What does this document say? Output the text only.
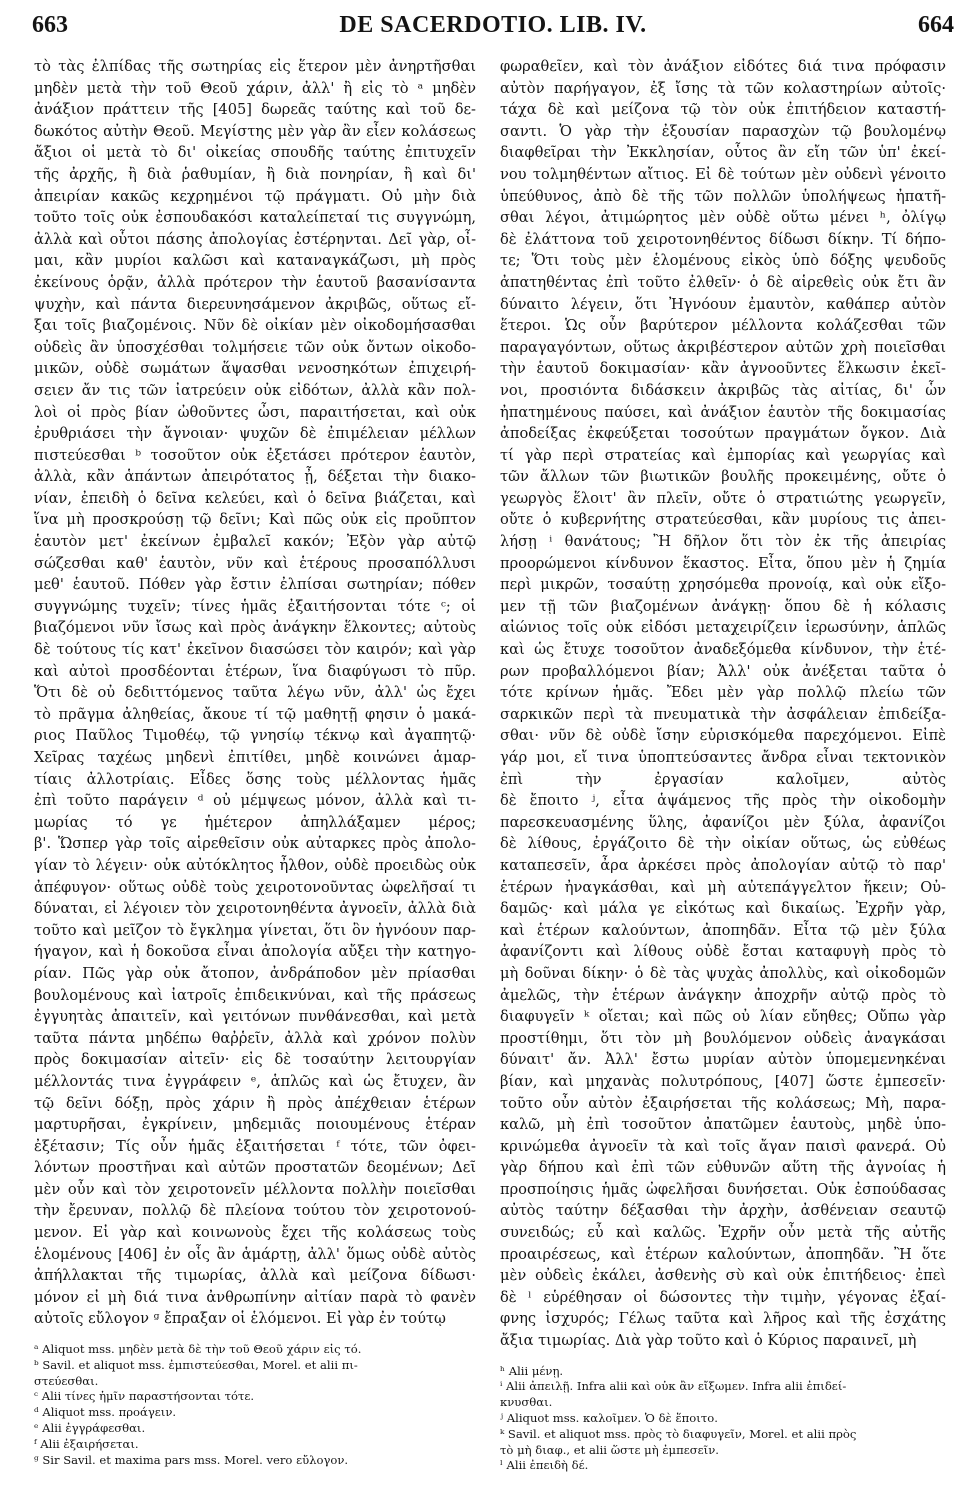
663	DE SACERDOTIO. LIB. IV.	664
τὸ τὰς ἐλπίδας τῆς σωτηρίας εἰς ἕτερον μὲν ἀνηρτῆσθαι
μηδὲν μετὰ τὴν τοῦ Θεοῦ χάριν, ἀλλ' ἢ εἰς τὸ ᵃ μηδὲν
ἀνάξιον πράττειν τῆς [405] δωρεᾶς ταύτης καὶ τοῦ δε-
δωκότος αὐτὴν Θεοῦ. Μεγίστης μὲν γὰρ ἂν εἶεν κολάσεως
ἄξιοι οἱ μετὰ τὸ δι' οἰκείας σπουδῆς ταύτης ἐπιτυχεῖν
τῆς ἀρχῆς, ἢ διὰ ῥαθυμίαν, ἢ διὰ πονηρίαν, ἢ καὶ δι'
ἀπειρίαν κακῶς κεχρημένοι τῷ πράγματι. Οὐ μὴν διὰ
τοῦτο τοῖς οὐκ ἐσπουδακόσι καταλείπεταί τις συγγνώμη,
ἀλλὰ καὶ οὗτοι πάσης ἀπολογίας ἐστέρηνται. Δεῖ γὰρ, οἶ-
μαι, κἂν μυρίοι καλῶσι καὶ καταναγκάζωσι, μὴ πρὸς
ἐκείνους ὁρᾷν, ἀλλὰ πρότερον τὴν ἑαυτοῦ βασανίσαντα
ψυχὴν, καὶ πάντα διερευνησάμενον ἀκριβῶς, οὕτως εἴ-
ξαι τοῖς βιαζομένοις. Νῦν δὲ οἰκίαν μὲν οἰκοδομήσασθαι
οὐδεὶς ἂν ὑποσχέσθαι τολμήσειε τῶν οὐκ ὄντων οἰκοδο-
μικῶν, οὐδὲ σωμάτων ἅψασθαι νενοσηκότων ἐπιχειρή-
σειεν ἄν τις τῶν ἰατρεύειν οὐκ εἰδότων, ἀλλὰ κἂν πολ-
λοὶ οἱ πρὸς βίαν ὠθοῦντες ὦσι, παραιτήσεται, καὶ οὐκ
ἐρυθριάσει τὴν ἄγνοιαν· ψυχῶν δὲ ἐπιμέλειαν μέλλων
πιστεύεσθαι ᵇ τοσοῦτον οὐκ ἐξετάσει πρότερον ἑαυτὸν,
ἀλλὰ, κἂν ἁπάντων ἀπειρότατος ᾖ, δέξεται τὴν διακο-
νίαν, ἐπειδὴ ὁ δεῖνα κελεύει, καὶ ὁ δεῖνα βιάζεται, καὶ
ἵνα μὴ προσκρούσῃ τῷ δεῖνι; Καὶ πῶς οὐκ εἰς προῦπτον
ἑαυτὸν μετ' ἐκείνων ἐμβαλεῖ κακόν; Ἐξὸν γὰρ αὐτῷ
σώζεσθαι καθ' ἑαυτὸν, νῦν καὶ ἑτέρους προσαπόλλυσι
μεθ' ἑαυτοῦ. Πόθεν γὰρ ἔστιν ἐλπίσαι σωτηρίαν; πόθεν
συγγνώμης τυχεῖν; τίνες ἡμᾶς ἐξαιτήσονται τότε ᶜ; οἱ
βιαζόμενοι νῦν ἴσως καὶ πρὸς ἀνάγκην ἕλκοντες; αὐτοὺς
δὲ τούτους τίς κατ' ἐκεῖνον διασώσει τὸν καιρόν; καὶ γὰρ
καὶ αὐτοὶ προσδέονται ἑτέρων, ἵνα διαφύγωσι τὸ πῦρ.
Ὅτι δὲ οὐ δεδιττόμενος ταῦτα λέγω νῦν, ἀλλ' ὡς ἔχει
τὸ πρᾶγμα ἀληθείας, ἄκουε τί τῷ μαθητῇ φησιν ὁ μακά-
ριος Παῦλος Τιμοθέῳ, τῷ γνησίῳ τέκνῳ καὶ ἀγαπητῷ·
Χεῖρας ταχέως μηδενὶ ἐπιτίθει, μηδὲ κοινώνει ἁμαρ-
τίαις ἀλλοτρίαις. Εἶδες ὅσης τοὺς μέλλοντας ἡμᾶς
ἐπὶ τοῦτο παράγειν ᵈ οὐ μέμψεως μόνον, ἀλλὰ καὶ τι-
μωρίας τό γε ἡμέτερον ἀπηλλάξαμεν μέρος;
β'. Ὥσπερ γὰρ τοῖς αἱρεθεῖσιν οὐκ αὐταρκες πρὸς ἀπολο-
γίαν τὸ λέγειν· οὐκ αὐτόκλητος ἦλθον, οὐδὲ προειδὼς οὐκ
ἀπέφυγον· οὕτως οὐδὲ τοὺς χειροτονοῦντας ὠφελῆσαί τι
δύναται, εἰ λέγοιεν τὸν χειροτονηθέντα ἀγνοεῖν, ἀλλὰ διὰ
τοῦτο καὶ μεῖζον τὸ ἔγκλημα γίνεται, ὅτι ὃν ἠγνόουν παρ-
ήγαγον, καὶ ἡ δοκοῦσα εἶναι ἀπολογία αὔξει τὴν κατηγο-
ρίαν. Πῶς γὰρ οὐκ ἄτοπον, ἀνδράποδον μὲν πρίασθαι
βουλομένους καὶ ἰατροῖς ἐπιδεικνύναι, καὶ τῆς πράσεως
ἐγγυητὰς ἀπαιτεῖν, καὶ γειτόνων πυνθάνεσθαι, καὶ μετὰ
ταῦτα πάντα μηδέπω θαῤῥεῖν, ἀλλὰ καὶ χρόνον πολὺν
πρὸς δοκιμασίαν αἰτεῖν· εἰς δὲ τοσαύτην λειτουργίαν
μέλλοντάς τινα ἐγγράφειν ᵉ, ἁπλῶς καὶ ὡς ἔτυχεν, ἂν
τῷ δεῖνι δόξῃ, πρὸς χάριν ἢ πρὸς ἀπέχθειαν ἑτέρων
μαρτυρῆσαι, ἐγκρίνειν, μηδεμιᾶς ποιουμένους ἑτέραν
ἐξέτασιν; Τίς οὖν ἡμᾶς ἐξαιτήσεται ᶠ τότε, τῶν ὀφει-
λόντων προστῆναι καὶ αὐτῶν προστατῶν δεομένων; Δεῖ
μὲν οὖν καὶ τὸν χειροτονεῖν μέλλοντα πολλὴν ποιεῖσθαι
τὴν ἔρευναν, πολλῷ δὲ πλείονα τούτου τὸν χειροτονού-
μενον. Εἰ γὰρ καὶ κοινωνοὺς ἔχει τῆς κολάσεως τοὺς
ἑλομένους [406] ἐν οἷς ἂν ἁμάρτῃ, ἀλλ' ὅμως οὐδὲ αὐτὸς
ἀπήλλακται τῆς τιμωρίας, ἀλλὰ καὶ μείζονα δίδωσι·
μόνον εἰ μὴ διά τινα ἀνθρωπίνην αἰτίαν παρὰ τὸ φανὲν
αὐτοῖς εὔλογον ᵍ ἔπραξαν οἱ ἑλόμενοι. Εἰ γὰρ ἐν τούτῳ
ᵃ Aliquot mss. μηδὲν μετὰ δὲ τὴν τοῦ Θεοῦ χάριν εἰς τό.
ᵇ Savil. et aliquot mss. ἐμπιστεύεσθαι, Morel. et alii πι-
στεύεσθαι.
ᶜ Alii τίνες ἡμῖν παραστήσονται τότε.
ᵈ Aliquot mss. προάγειν.
ᵉ Alii ἐγγράφεσθαι.
ᶠ Alii ἐξαιρήσεται.
ᵍ Sir Savil. et maxima pars mss. Morel. vero εὔλογον.
φωραθεῖεν, καὶ τὸν ἀνάξιον εἰδότες διά τινα πρόφασιν
αὐτὸν παρήγαγον, ἐξ ἴσης τὰ τῶν κολαστηρίων αὐτοῖς·
τάχα δὲ καὶ μείζονα τῷ τὸν οὐκ ἐπιτήδειον καταστή-
σαντι. Ὁ γὰρ τὴν ἐξουσίαν παρασχὼν τῷ βουλομένῳ
διαφθεῖραι τὴν Ἐκκλησίαν, οὗτος ἂν εἴη τῶν ὑπ' ἐκεί-
νου τολμηθέντων αἴτιος. Εἰ δὲ τούτων μὲν οὐδενὶ γένοιτο
ὑπεύθυνος, ἀπὸ δὲ τῆς τῶν πολλῶν ὑπολήψεως ἠπατῆ-
σθαι λέγοι, ἀτιμώρητος μὲν οὐδὲ οὕτω μένει ʰ, ὀλίγῳ
δὲ ἐλάττονα τοῦ χειροτονηθέντος δίδωσι δίκην. Τί δήπο-
τε; Ὅτι τοὺς μὲν ἑλομένους εἰκὸς ὑπὸ δόξης ψευδοῦς
ἀπατηθέντας ἐπὶ τοῦτο ἐλθεῖν· ὁ δὲ αἱρεθεὶς οὐκ ἔτι ἂν
δύναιτο λέγειν, ὅτι Ἠγνόουν ἐμαυτὸν, καθάπερ αὐτὸν
ἕτεροι. Ὡς οὖν βαρύτερον μέλλοντα κολάζεσθαι τῶν
παραγαγόντων, οὕτως ἀκριβέστερον αὐτῶν χρὴ ποιεῖσθαι
τὴν ἑαυτοῦ δοκιμασίαν· κἂν ἀγνοοῦντες ἕλκωσιν ἐκεῖ-
νοι, προσιόντα διδάσκειν ἀκριβῶς τὰς αἰτίας, δι' ὧν
ἠπατημένους παύσει, καὶ ἀνάξιον ἑαυτὸν τῆς δοκιμασίας
ἀποδείξας ἐκφεύξεται τοσούτων πραγμάτων ὄγκον. Διὰ
τί γὰρ περὶ στρατείας καὶ ἐμπορίας καὶ γεωργίας καὶ
τῶν ἄλλων τῶν βιωτικῶν βουλῆς προκειμένης, οὔτε ὁ
γεωργὸς ἕλοιτ' ἂν πλεῖν, οὔτε ὁ στρατιώτης γεωργεῖν,
οὔτε ὁ κυβερνήτης στρατεύεσθαι, κἂν μυρίους τις ἀπει-
λήσῃ ⁱ θανάτους; Ἢ δῆλον ὅτι τὸν ἐκ τῆς ἀπειρίας
προορώμενοι κίνδυνον ἕκαστος. Εἶτα, ὅπου μὲν ἡ ζημία
περὶ μικρῶν, τοσαύτῃ χρησόμεθα προνοίᾳ, καὶ οὐκ εἴξο-
μεν τῇ τῶν βιαζομένων ἀνάγκῃ· ὅπου δὲ ἡ κόλασις
αἰώνιος τοῖς οὐκ εἰδόσι μεταχειρίζειν ἱερωσύνην, ἁπλῶς
καὶ ὡς ἔτυχε τοσοῦτον ἀναδεξόμεθα κίνδυνον, τὴν ἑτέ-
ρων προβαλλόμενοι βίαν; Ἀλλ' οὐκ ἀνέξεται ταῦτα ὁ
τότε κρίνων ἡμᾶς. Ἔδει μὲν γὰρ πολλῷ πλείω τῶν
σαρκικῶν περὶ τὰ πνευματικὰ τὴν ἀσφάλειαν ἐπιδείξα-
σθαι· νῦν δὲ οὐδὲ ἴσην εὑρισκόμεθα παρεχόμενοι. Εἰπὲ
γάρ μοι, εἴ τινα ὑποπτεύσαντες ἄνδρα εἶναι τεκτονικὸν
ἐπὶ τὴν ἐργασίαν καλοῖμεν, αὐτὸς
δὲ ἔποιτο ʲ, εἶτα ἁψάμενος τῆς πρὸς τὴν οἰκοδομὴν
παρεσκευασμένης ὕλης, ἀφανίζοι μὲν ξύλα, ἀφανίζοι
δὲ λίθους, ἐργάζοιτο δὲ τὴν οἰκίαν οὕτως, ὡς εὐθέως
καταπεσεῖν, ἆρα ἀρκέσει πρὸς ἀπολογίαν αὐτῷ τὸ παρ'
ἑτέρων ἠναγκάσθαι, καὶ μὴ αὐτεπάγγελτον ἥκειν; Οὐ-
δαμῶς· καὶ μάλα γε εἰκότως καὶ δικαίως. Ἐχρῆν γὰρ,
καὶ ἑτέρων καλούντων, ἀποπηδᾶν. Εἶτα τῷ μὲν ξύλα
ἀφανίζοντι καὶ λίθους οὐδὲ ἔσται καταφυγὴ πρὸς τὸ
μὴ δοῦναι δίκην· ὁ δὲ τὰς ψυχὰς ἀπολλὺς, καὶ οἰκοδομῶν
ἀμελῶς, τὴν ἑτέρων ἀνάγκην ἀποχρῆν αὐτῷ πρὸς τὸ
διαφυγεῖν ᵏ οἴεται; καὶ πῶς οὐ λίαν εὔηθες; Οὔπω γὰρ
προστίθημι, ὅτι τὸν μὴ βουλόμενον οὐδεὶς ἀναγκάσαι
δύναιτ' ἄν. Ἀλλ' ἔστω μυρίαν αὐτὸν ὑπομεμενηκέναι
βίαν, καὶ μηχανὰς πολυτρόπους, [407] ὥστε ἐμπεσεῖν·
τοῦτο οὖν αὐτὸν ἐξαιρήσεται τῆς κολάσεως; Μὴ, παρα-
καλῶ, μὴ ἐπὶ τοσοῦτον ἀπατῶμεν ἑαυτοὺς, μηδὲ ὑπο-
κρινώμεθα ἀγνοεῖν τὰ καὶ τοῖς ἄγαν παισὶ φανερά. Οὐ
γὰρ δήπου καὶ ἐπὶ τῶν εὐθυνῶν αὕτη τῆς ἀγνοίας ἡ
προσποίησις ἡμᾶς ὠφελῆσαι δυνήσεται. Οὐκ ἐσπούδασας
αὐτὸς ταύτην δέξασθαι τὴν ἀρχὴν, ἀσθένειαν σεαυτῷ
συνειδώς; εὖ καὶ καλῶς. Ἐχρῆν οὖν μετὰ τῆς αὐτῆς
προαιρέσεως, καὶ ἑτέρων καλούντων, ἀποπηδᾶν. Ἢ ὅτε
μὲν οὐδεὶς ἐκάλει, ἀσθενὴς σὺ καὶ οὐκ ἐπιτήδειος· ἐπεὶ
δὲ ˡ εὑρέθησαν οἱ δώσοντες τὴν τιμὴν, γέγονας ἐξαί-
φνης ἰσχυρός; Γέλως ταῦτα καὶ λῆρος καὶ τῆς ἐσχάτης
ἄξια τιμωρίας. Διὰ γὰρ τοῦτο καὶ ὁ Κύριος παραινεῖ, μὴ
ʰ Alii μένῃ.
ⁱ Alii ἀπειλῇ. Infra alii καὶ οὐκ ἂν εἴξωμεν. Infra alii ἐπιδεί-
κνυσθαι.
ʲ Aliquot mss. καλοῖμεν. Ὁ δὲ ἕποιτο.
ᵏ Savil. et aliquot mss. πρὸς τὸ διαφυγεῖν, Morel. et alii πρὸς
τὸ μὴ διαφ., et alii ὥστε μὴ ἐμπεσεῖν.
ˡ Alii ἐπειδὴ δέ.
